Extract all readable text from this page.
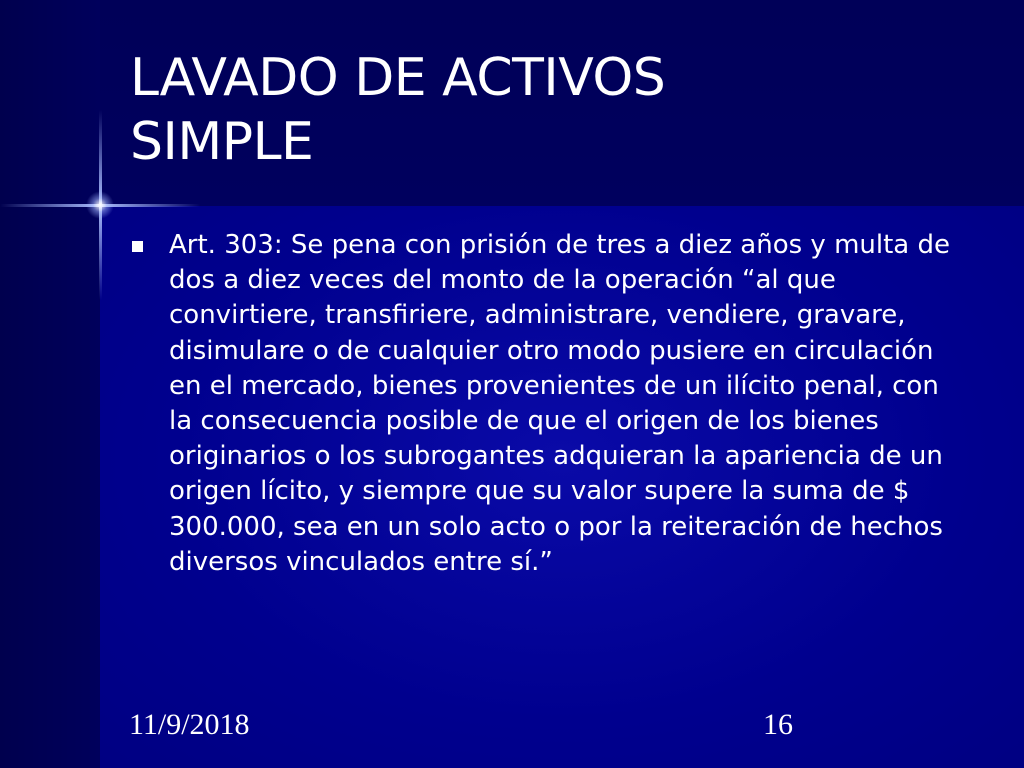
LAVADO DE ACTIVOS
SIMPLE

Art. 303: Se pena con prisión de tres a diez años y multa de dos a diez veces del monto de la operación “al que convirtiere, transfiriere, administrare, vendiere, gravare, disimulare o de cualquier otro modo pusiere en circulación en el mercado, bienes provenientes de un ilícito penal, con la consecuencia posible de que el origen de los bienes originarios o los subrogantes adquieran la apariencia de un origen lícito, y siempre que su valor supere la suma de $ 300.000, sea en un solo acto o por la reiteración de hechos diversos vinculados entre sí.”

11/9/2018	16
